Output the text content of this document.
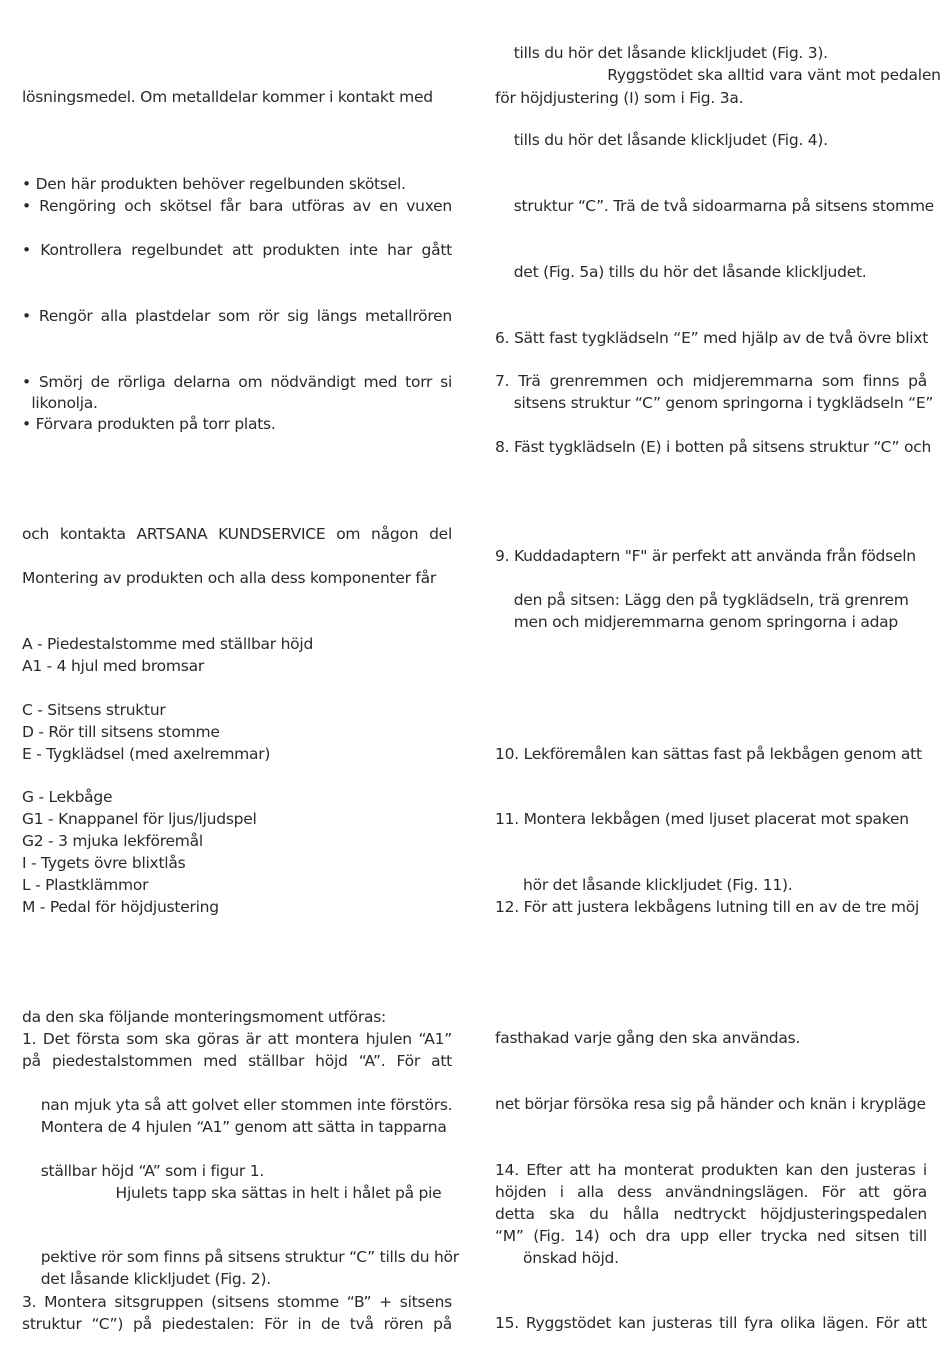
lösningsmedel. Om metalldelar kommer i kontakt med
• Den här produkten behöver regelbunden skötsel.
• Rengöring och skötsel får bara utföras av en vuxen
• Kontrollera regelbundet att produkten inte har gått
• Rengör alla plastdelar som rör sig längs metallrören
• Smörj de rörliga delarna om nödvändigt med torr si
likonolja.
• Förvara produkten på torr plats.
och kontakta ARTSANA KUNDSERVICE om någon del
Montering av produkten och alla dess komponenter får
A - Piedestalstomme med ställbar höjd
A1 - 4 hjul med bromsar
C - Sitsens struktur
D - Rör till sitsens stomme
E - Tygklädsel (med axelremmar)
G - Lekbåge
G1 - Knappanel för ljus/ljudspel
G2 - 3 mjuka lekföremål
I - Tygets övre blixtlås
L - Plastklämmor
M - Pedal för höjdjustering
da den ska följande monteringsmoment utföras:
1. Det första som ska göras är att montera hjulen “A1”
på piedestalstommen med ställbar höjd “A”. För att
nan mjuk yta så att golvet eller stommen inte förstörs.
Montera de 4 hjulen “A1” genom att sätta in tapparna
ställbar höjd “A” som i figur 1.
Hjulets tapp ska sättas in helt i hålet på pie
pektive rör som finns på sitsens struktur “C” tills du hör
det låsande klickljudet (Fig. 2).
3. Montera sitsgruppen (sitsens stomme “B” + sitsens
struktur “C”) på piedestalen: För in de två rören på
tills du hör det låsande klickljudet (Fig. 3).
Ryggstödet ska alltid vara vänt mot pedalen
för höjdjustering (I) som i Fig. 3a.
tills du hör det låsande klickljudet (Fig. 4).
struktur “C”. Trä de två sidoarmarna på sitsens stomme
det (Fig. 5a) tills du hör det låsande klickljudet.
6. Sätt fast tygklädseln “E” med hjälp av de två övre blixt
7. Trä grenremmen och midjeremmarna som finns på
sitsens struktur “C” genom springorna i tygklädseln “E”
8. Fäst tygklädseln (E) i botten på sitsens struktur “C” och
9. Kuddadaptern "F" är perfekt att använda från födseln
den på sitsen: Lägg den på tygklädseln, trä grenrem
men och midjeremmarna genom springorna i adap
10. Lekföremålen kan sättas fast på lekbågen genom att
11. Montera lekbågen (med ljuset placerat mot spaken
hör det låsande klickljudet (Fig. 11).
12. För att justera lekbågens lutning till en av de tre möj
fasthakad varje gång den ska användas.
net börjar försöka resa sig på händer och knän i krypläge
14. Efter att ha monterat produkten kan den justeras i
höjden i alla dess användningslägen. För att göra
detta ska du hålla nedtryckt höjdjusteringspedalen
“M” (Fig. 14) och dra upp eller trycka ned sitsen till
önskad höjd.
15. Ryggstödet kan justeras till fyra olika lägen. För att
